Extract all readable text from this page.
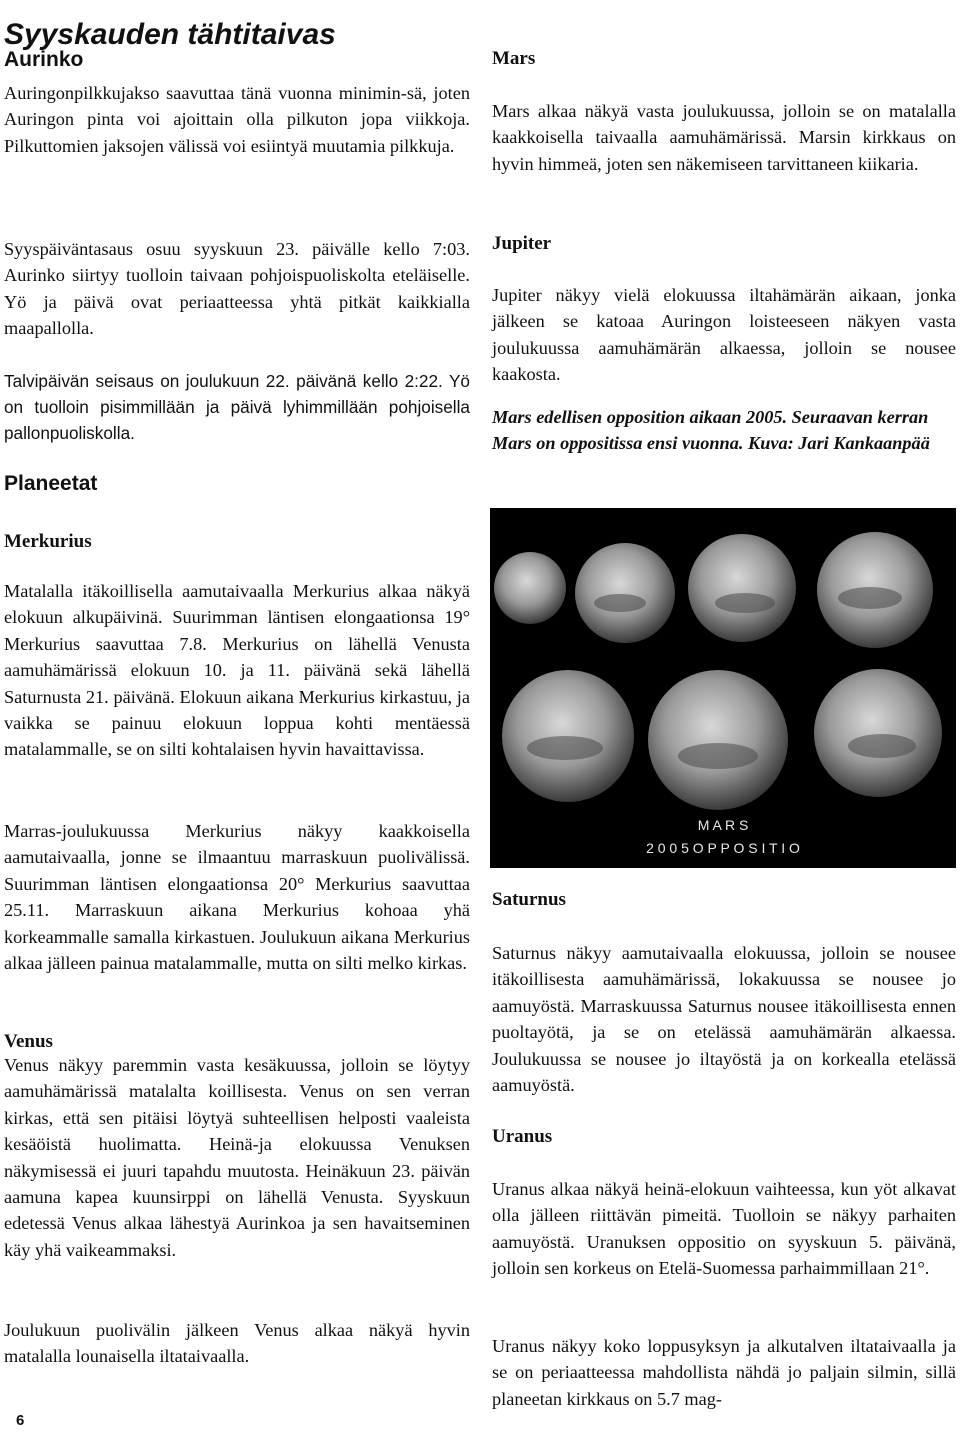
Syyskauden tähtitaivas
Aurinko

Auringonpilkkujakso saavuttaa tänä vuonna minimin-sä, joten Auringon pinta voi ajoittain olla pilkuton jopa viikkoja. Pilkuttomien jaksojen välissä voi esiintyä muutamia pilkkuja.

Syyspäiväntasaus osuu syyskuun 23. päivälle kello 7:03. Aurinko siirtyy tuolloin taivaan pohjoispuoliskolta eteläiselle. Yö ja päivä ovat periaatteessa yhtä pitkät kaikkialla maapallolla.

Talvipäivän seisaus on joulukuun 22. päivänä kello 2:22. Yö on tuolloin pisimmillään ja päivä lyhimmillään pohjoisella pallonpuoliskolla.

Planeetat
Merkurius

Matalalla itäkoillisella aamutaivaalla Merkurius alkaa näkyä elokuun alkupäivinä. Suurimman läntisen elongaationsa 19° Merkurius saavuttaa 7.8. Merkurius on lähellä Venusta aamuhämärissä elokuun 10. ja 11. päivänä sekä lähellä Saturnusta 21. päivänä. Elokuun aikana Merkurius kirkastuu, ja vaikka se painuu elokuun loppua kohti mentäessä matalammalle, se on silti kohtalaisen hyvin havaittavissa.

Marras-joulukuussa Merkurius näkyy kaakkoisella aamutaivaalla, jonne se ilmaantuu marraskuun puolivälissä. Suurimman läntisen elongaationsa 20° Merkurius saavuttaa 25.11. Marraskuun aikana Merkurius kohoaa yhä korkeammalle samalla kirkastuen. Joulukuun aikana Merkurius alkaa jälleen painua matalammalle, mutta on silti melko kirkas.

Venus

Venus näkyy paremmin vasta kesäkuussa, jolloin se löytyy aamuhämärissä matalalta koillisesta. Venus on sen verran kirkas, että sen pitäisi löytyä suhteellisen helposti vaaleista kesäöistä huolimatta. Heinä-ja elokuussa Venuksen näkymisessä ei juuri tapahdu muutosta. Heinäkuun 23. päivän aamuna kapea kuunsirppi on lähellä Venusta. Syyskuun edetessä Venus alkaa lähestyä Aurinkoa ja sen havaitseminen käy yhä vaikeammaksi.

Joulukuun puolivälin jälkeen Venus alkaa näkyä hyvin matalalla lounaisella iltataivaalla.

6
Mars

Mars alkaa näkyä vasta joulukuussa, jolloin se on matalalla kaakkoisella taivaalla aamuhämärissä. Marsin kirkkaus on hyvin himmeä, joten sen näkemiseen tarvittaneen kiikaria.

Jupiter

Jupiter näkyy vielä elokuussa iltahämärän aikaan, jonka jälkeen se katoaa Auringon loisteeseen näkyen vasta joulukuussa aamuhämärän alkaessa, jolloin se nousee kaakosta.

Mars edellisen opposition aikaan 2005. Seuraavan kerran Mars on oppositissa ensi vuonna. Kuva: Jari Kankaanpää

M A R S
2 0 0 5 O P P O S I T I O
Saturnus

Saturnus näkyy aamutaivaalla elokuussa, jolloin se nousee itäkoillisesta aamuhämärissä, lokakuussa se nousee jo aamuyöstä. Marraskuussa Saturnus nousee itäkoillisesta ennen puoltayötä, ja se on etelässä aamuhämärän alkaessa. Joulukuussa se nousee jo iltayöstä ja on korkealla etelässä aamuyöstä.

Uranus

Uranus alkaa näkyä heinä-elokuun vaihteessa, kun yöt alkavat olla jälleen riittävän pimeitä. Tuolloin se näkyy parhaiten aamuyöstä. Uranuksen oppositio on syyskuun 5. päivänä, jolloin sen korkeus on Etelä-Suomessa parhaimmillaan 21°.

Uranus näkyy koko loppusyksyn ja alkutalven iltataivaalla ja se on periaatteessa mahdollista nähdä jo paljain silmin, sillä planeetan kirkkaus on 5.7 mag-
